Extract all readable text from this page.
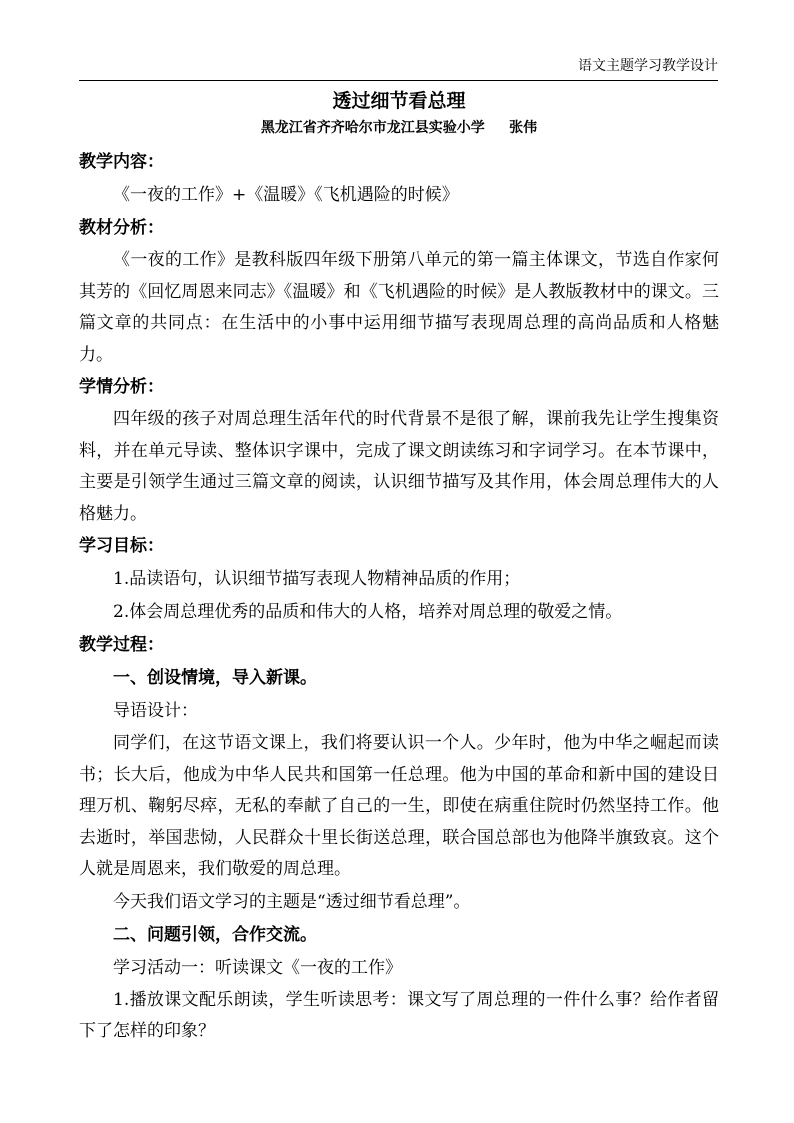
语文主题学习教学设计
透过细节看总理
黑龙江省齐齐哈尔市龙江县实验小学     张伟

教学内容：

《一夜的工作》+《温暖》《飞机遇险的时候》

教材分析：

《一夜的工作》是教科版四年级下册第八单元的第一篇主体课文，节选自作家何其芳的《回忆周恩来同志》《温暖》和《飞机遇险的时候》是人教版教材中的课文。三篇文章的共同点：在生活中的小事中运用细节描写表现周总理的高尚品质和人格魅力。

学情分析：

四年级的孩子对周总理生活年代的时代背景不是很了解，课前我先让学生搜集资料，并在单元导读、整体识字课中，完成了课文朗读练习和字词学习。在本节课中，主要是引领学生通过三篇文章的阅读，认识细节描写及其作用，体会周总理伟大的人格魅力。

学习目标：

1.品读语句，认识细节描写表现人物精神品质的作用；

2.体会周总理优秀的品质和伟大的人格，培养对周总理的敬爱之情。

教学过程：

一、创设情境，导入新课。

导语设计：

同学们，在这节语文课上，我们将要认识一个人。少年时，他为中华之崛起而读书；长大后，他成为中华人民共和国第一任总理。他为中国的革命和新中国的建设日理万机、鞠躬尽瘁，无私的奉献了自己的一生，即使在病重住院时仍然坚持工作。他去逝时，举国悲恸，人民群众十里长街送总理，联合国总部也为他降半旗致哀。这个人就是周恩来，我们敬爱的周总理。

今天我们语文学习的主题是“透过细节看总理”。

二、问题引领，合作交流。

学习活动一：听读课文《一夜的工作》

1.播放课文配乐朗读，学生听读思考：课文写了周总理的一件什么事？给作者留下了怎样的印象？
